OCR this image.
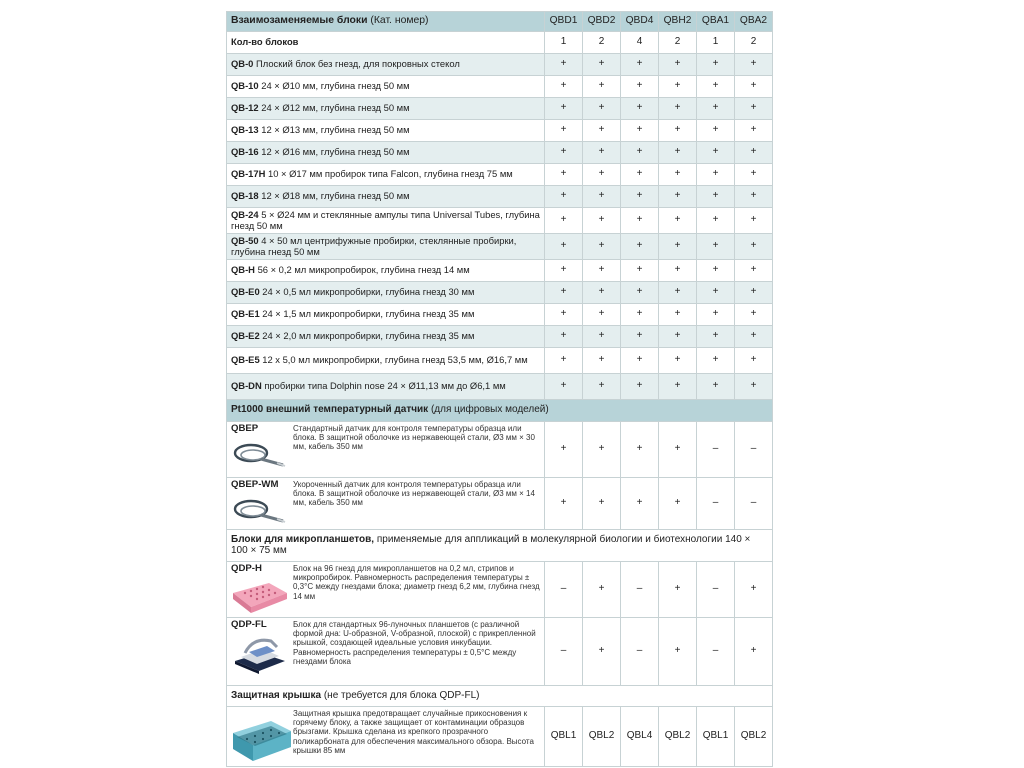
Взаимозаменяемые блоки (Кат. номер)	QBD1	QBD2	QBD4	QBH2	QBA1	QBA2
Кол-во блоков	1	2	4	2	1	2
QB-0 Плоский блок без гнезд, для покровных стекол	+	+	+	+	+	+
QB-10 24 × Ø10 мм, глубина гнезд 50 мм	+	+	+	+	+	+
QB-12 24 × Ø12 мм, глубина гнезд 50 мм	+	+	+	+	+	+
QB-13 12 × Ø13 мм, глубина гнезд 50 мм	+	+	+	+	+	+
QB-16 12 × Ø16 мм, глубина гнезд 50 мм	+	+	+	+	+	+
QB-17H 10 × Ø17 мм пробирок типа Falcon, глубина гнезд 75 мм	+	+	+	+	+	+
QB-18 12 × Ø18 мм, глубина гнезд 50 мм	+	+	+	+	+	+
QB-24 5 × Ø24 мм и стеклянные ампулы типа Universal Tubes, глубина гнезд 50 мм	+	+	+	+	+	+
QB-50 4 × 50 мл центрифужные пробирки, стеклянные пробирки, глубина гнезд 50 мм	+	+	+	+	+	+
QB-H 56 × 0,2 мл микропробирок, глубина гнезд 14 мм	+	+	+	+	+	+
QB-E0 24 × 0,5 мл микропробирки, глубина гнезд 30 мм	+	+	+	+	+	+
QB-E1 24 × 1,5 мл микропробирки, глубина гнезд 35 мм	+	+	+	+	+	+
QB-E2 24 × 2,0 мл микропробирки, глубина гнезд 35 мм	+	+	+	+	+	+
QB-E5 12 x 5,0 мл микропробирки, глубина гнезд 53,5 мм, Ø16,7 мм	+	+	+	+	+	+
QB-DN пробирки типа Dolphin nose 24 × Ø11,13 мм до Ø6,1 мм	+	+	+	+	+	+
Pt1000 внешний температурный датчик (для цифровых моделей)						

QBEP Стандартный датчик для контроля температуры образца или блока. В защитной оболочке из нержавеющей стали, Ø3 мм × 30 мм, кабель 350 мм	+	+	+	+	–	–

QBEP-WM Укороченный датчик для контроля температуры образца или блока. В защитной оболочке из нержавеющей стали, Ø3 мм × 14 мм, кабель 350 мм	+	+	+	+	–	–
Блоки для микропланшетов, применяемые для аппликаций в молекулярной биологии и биотехнологии 140 × 100 × 75 мм						

QDP-H Блок на 96 гнезд для микропланшетов на 0,2 мл, стрипов и микропробирок. Равномерность распределения температуры ± 0,3°C между гнездами блока; диаметр гнезд 6,2 мм, глубина гнезд 14 мм	–	+	–	+	–	+

QDP-FL Блок для стандартных 96-луночных планшетов (с различной формой дна: U-образной, V-образной, плоской) с прикрепленной крышкой, создающей идеальные условия инкубации. Равномерность распределения температуры ± 0,5°C между гнездами блока	–	+	–	+	–	+
Защитная крышка (не требуется для блока QDP-FL)						

Защитная крышка предотвращает случайные прикосновения к горячему блоку, а также защищает от контаминации образцов брызгами. Крышка сделана из крепкого прозрачного поликарбоната для обеспечения максимального обзора. Высота крышки 85 мм	QBL1	QBL2	QBL4	QBL2	QBL1	QBL2
